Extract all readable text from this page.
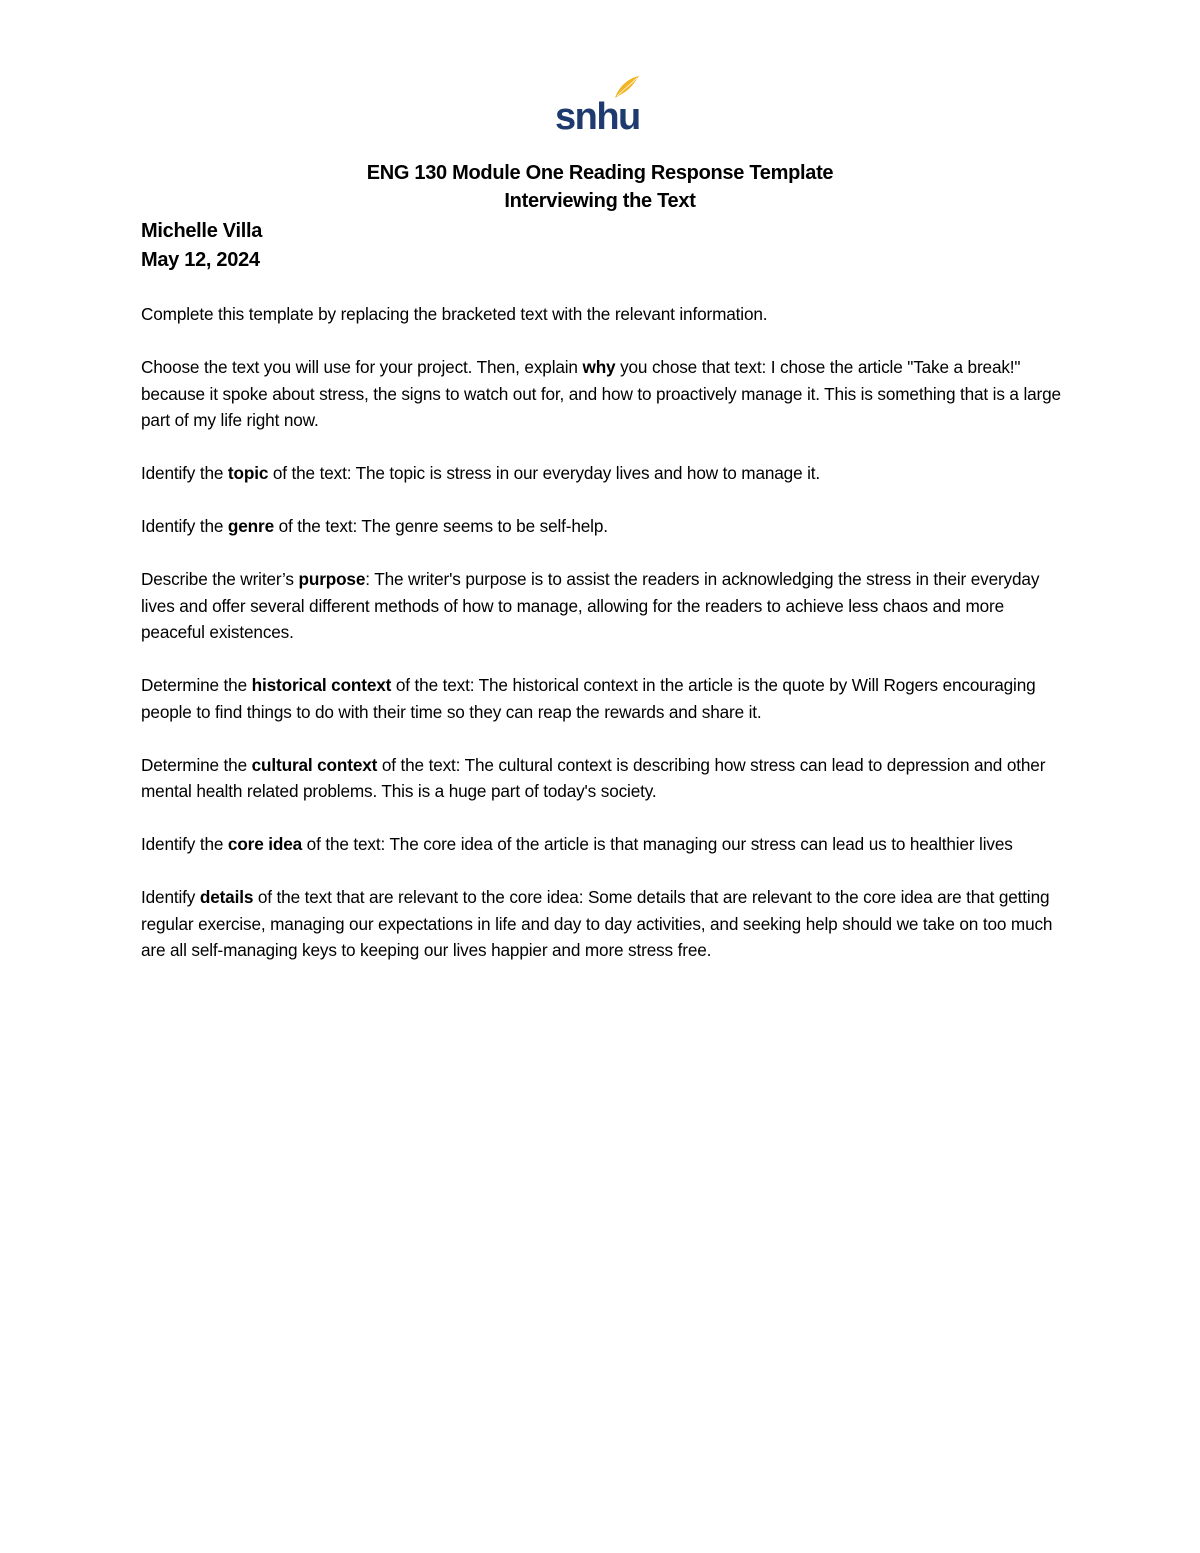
snhu
ENG 130 Module One Reading Response Template
Interviewing the Text
Michelle Villa
May 12, 2024

Complete this template by replacing the bracketed text with the relevant information.

Choose the text you will use for your project. Then, explain why you chose that text: I chose the article "Take a break!" because it spoke about stress, the signs to watch out for, and how to proactively manage it. This is something that is a large part of my life right now.

Identify the topic of the text: The topic is stress in our everyday lives and how to manage it.

Identify the genre of the text: The genre seems to be self-help.

Describe the writer’s purpose: The writer's purpose is to assist the readers in acknowledging the stress in their everyday lives and offer several different methods of how to manage, allowing for the readers to achieve less chaos and more peaceful existences.

Determine the historical context of the text: The historical context in the article is the quote by Will Rogers encouraging people to find things to do with their time so they can reap the rewards and share it.

Determine the cultural context of the text: The cultural context is describing how stress can lead to depression and other mental health related problems. This is a huge part of today's society.

Identify the core idea of the text: The core idea of the article is that managing our stress can lead us to healthier lives

Identify details of the text that are relevant to the core idea: Some details that are relevant to the core idea are that getting regular exercise, managing our expectations in life and day to day activities, and seeking help should we take on too much are all self-managing keys to keeping our lives happier and more stress free.
